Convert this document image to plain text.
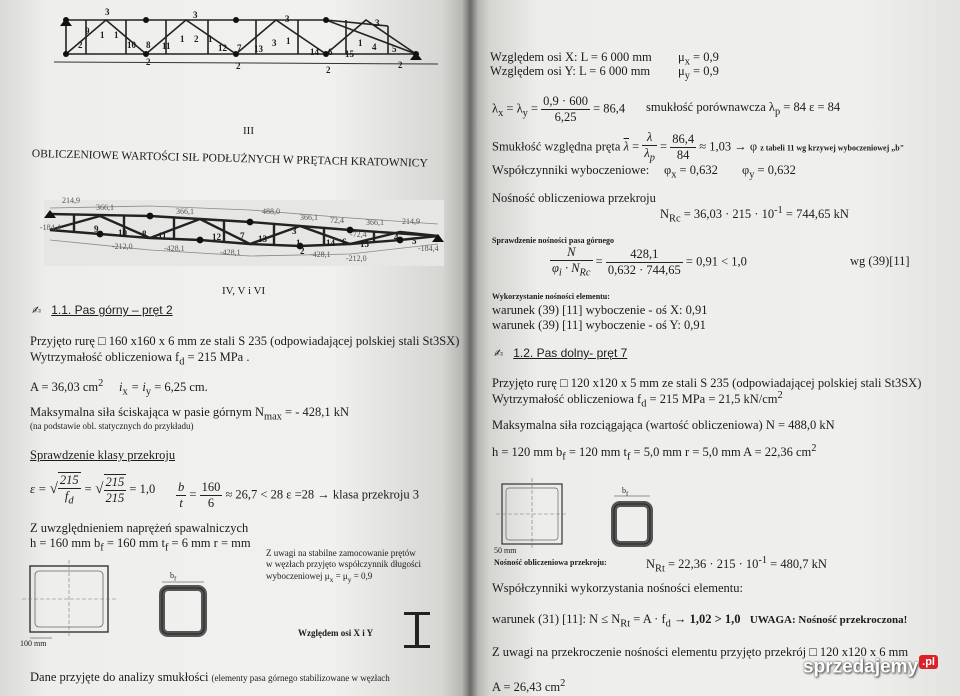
3	3	3	3
9 1 1
10 8 11
1 2 1
12 7 13
3 1
14 6 15
1 4 5
2
2	2	2	2
III
OBLICZENIOWE WARTOŚCI SIŁ PODŁUŻNYCH W PRĘTACH KRATOWNICY
214,9
366,1	366,1	488,0
366,1 72,4	366,1 214,9
-184,4
-212,0	-428,1	-428,1	-428,1 -212,0
-184,4
-72,4
9 10 8 11	12 7 13
3
14 6 15
4 5
1
2
IV, V i VI
✍ 1.1. Pas górny – pręt 2
Przyjęto rurę □ 160 x160 x 6 mm ze stali S 235 (odpowiadającej polskiej stali St3SX)
Wytrzymałość obliczeniowa $f_d = 215$ MPa .
A = 36,03 $cm^2$ $i_x = i_y = 6,25$ cm.
Maksymalna siła ściskająca w pasie górnym $N_{max}$ = - 428,1 kN
(na podstawie obl. statycznych do przykładu)
Sprawdzenie klasy przekroju
ε = √ $\frac{215}{f_d}$ = √ $\frac{215}{215} = 1,0 \frac{b}{t} = \frac{160}{6} \approx 26,7 < 28$ ε =28 → klasa przekroju 3
Z uwzględnieniem naprężeń spawalniczych
h = 160 mm $b_f = 160$ mm $t_f = 6$ mm r = mm
Z uwagi na stabilne zamocowanie prętów
w węzłach przyjęto współczynnik długości
wyboczeniowej $\mu_x = \mu_y = 0,9$
100 mm
$b_f$
Względem osi X i Y
Dane przyjęte do analizy smukłości (elementy pasa górnego stabilizowane w węzłach
Względem osi X: L = 6 000 mm $\mu_x = 0,9$
Względem osi Y: L = 6 000 mm $\mu_y = 0,9$
$\lambda_x = \lambda_y = \frac{0,9 \cdot 600}{6,25} = 86,4$ smukłość porównawcza $\lambda_p = 84$ ε = 84
Smukłość względna pręta $\overline{\lambda} = \frac{\lambda}{\lambda_p} = \frac{86,4}{84} \approx 1,03 \to \varphi$ z tabeli 11 wg krzywej wyboczeniowej „b"
Współczynniki wyboczeniowe: $\varphi_x = 0,632$ $\varphi_y = 0,632$
Nośność obliczeniowa przekroju
$N_{Rc} = 36,03 \cdot 215 \cdot 10^{-1} = 744,65$ kN
Sprawdzenie nośności pasa górnego
$\frac{N}{\varphi_i \cdot N_{Rc}} = \frac{428,1}{0,632 \cdot 744,65} = 0,91 < 1,0$	wg (39)[11]
Wykorzystanie nośności elementu:
warunek (39) [11] wyboczenie - oś X: 0,91
warunek (39) [11] wyboczenie - oś Y: 0,91
✍ 1.2. Pas dolny- pręt 7
Przyjęto rurę □ 120 x120 x 5 mm ze stali S 235 (odpowiadającej polskiej stali St3SX)
Wytrzymałość obliczeniowa $f_d = 215$ MPa = 21,5 $kN/cm^2$
Maksymalna siła rozciągająca (wartość obliczeniowa) N = 488,0 kN
h = 120 mm $b_f = 120$ mm $t_f = 5,0$ mm r = 5,0 mm A = 22,36 $cm^2$
50 mm
$b_f$
Nośność obliczeniowa przekroju:	$N_{Rt} = 22,36 \cdot 215 \cdot 10^{-1} = 480,7$ kN
Współczynniki wykorzystania nośności elementu:
warunek (31) [11]: $N \le N_{Rt} = A \cdot f_d \to 1,02 > 1,0$ UWAGA: Nośność przekroczona!
Z uwagi na przekroczenie nośności elementu przyjęto przekrój □ 120 x120 x 6 mm
A = 26,43 $cm^2$
sprzedajemy .pl
